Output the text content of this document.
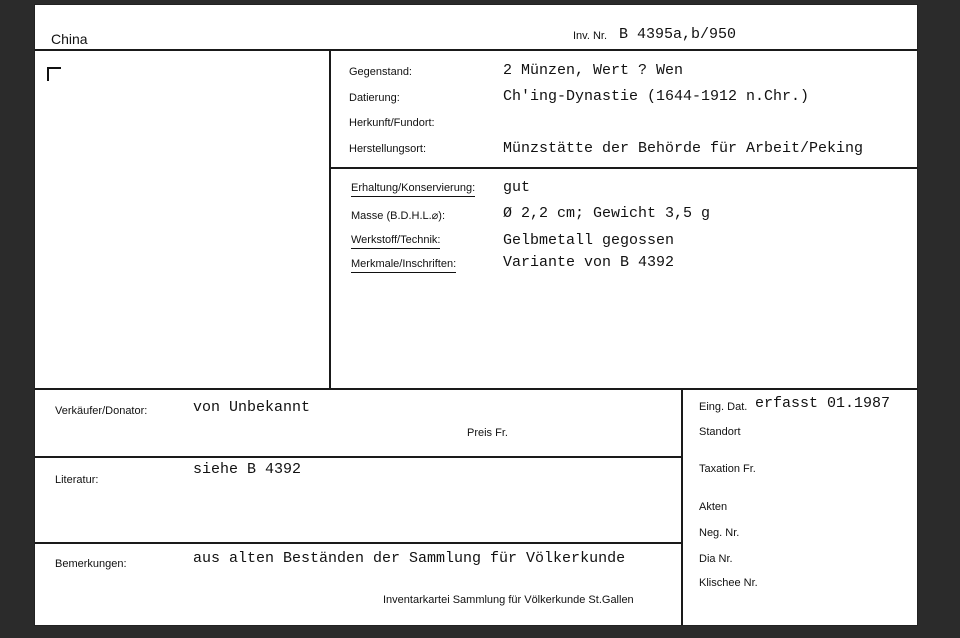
China	Inv. Nr. B 4395a,b/950
Gegenstand:	2 Münzen, Wert ? Wen
Datierung:	Ch'ing-Dynastie (1644-1912 n.Chr.)
Herkunft/Fundort:
Herstellungsort:	Münzstätte der Behörde für Arbeit/Peking
Erhaltung/Konservierung: gut
Masse (B.D.H.L.⌀):	Ø 2,2 cm; Gewicht 3,5 g
Werkstoff/Technik:	Gelbmetall gegossen
Merkmale/Inschriften:	Variante von B 4392
Verkäufer/Donator:	von Unbekannt
Preis Fr.
Literatur:
siehe B 4392
Bemerkungen:	aus alten Beständen der Sammlung für Völkerkunde
Inventarkartei Sammlung für Völkerkunde St.Gallen
Eing. Dat. erfasst 01.1987
Standort
Taxation Fr.
Akten
Neg. Nr.
Dia Nr.
Klischee Nr.
